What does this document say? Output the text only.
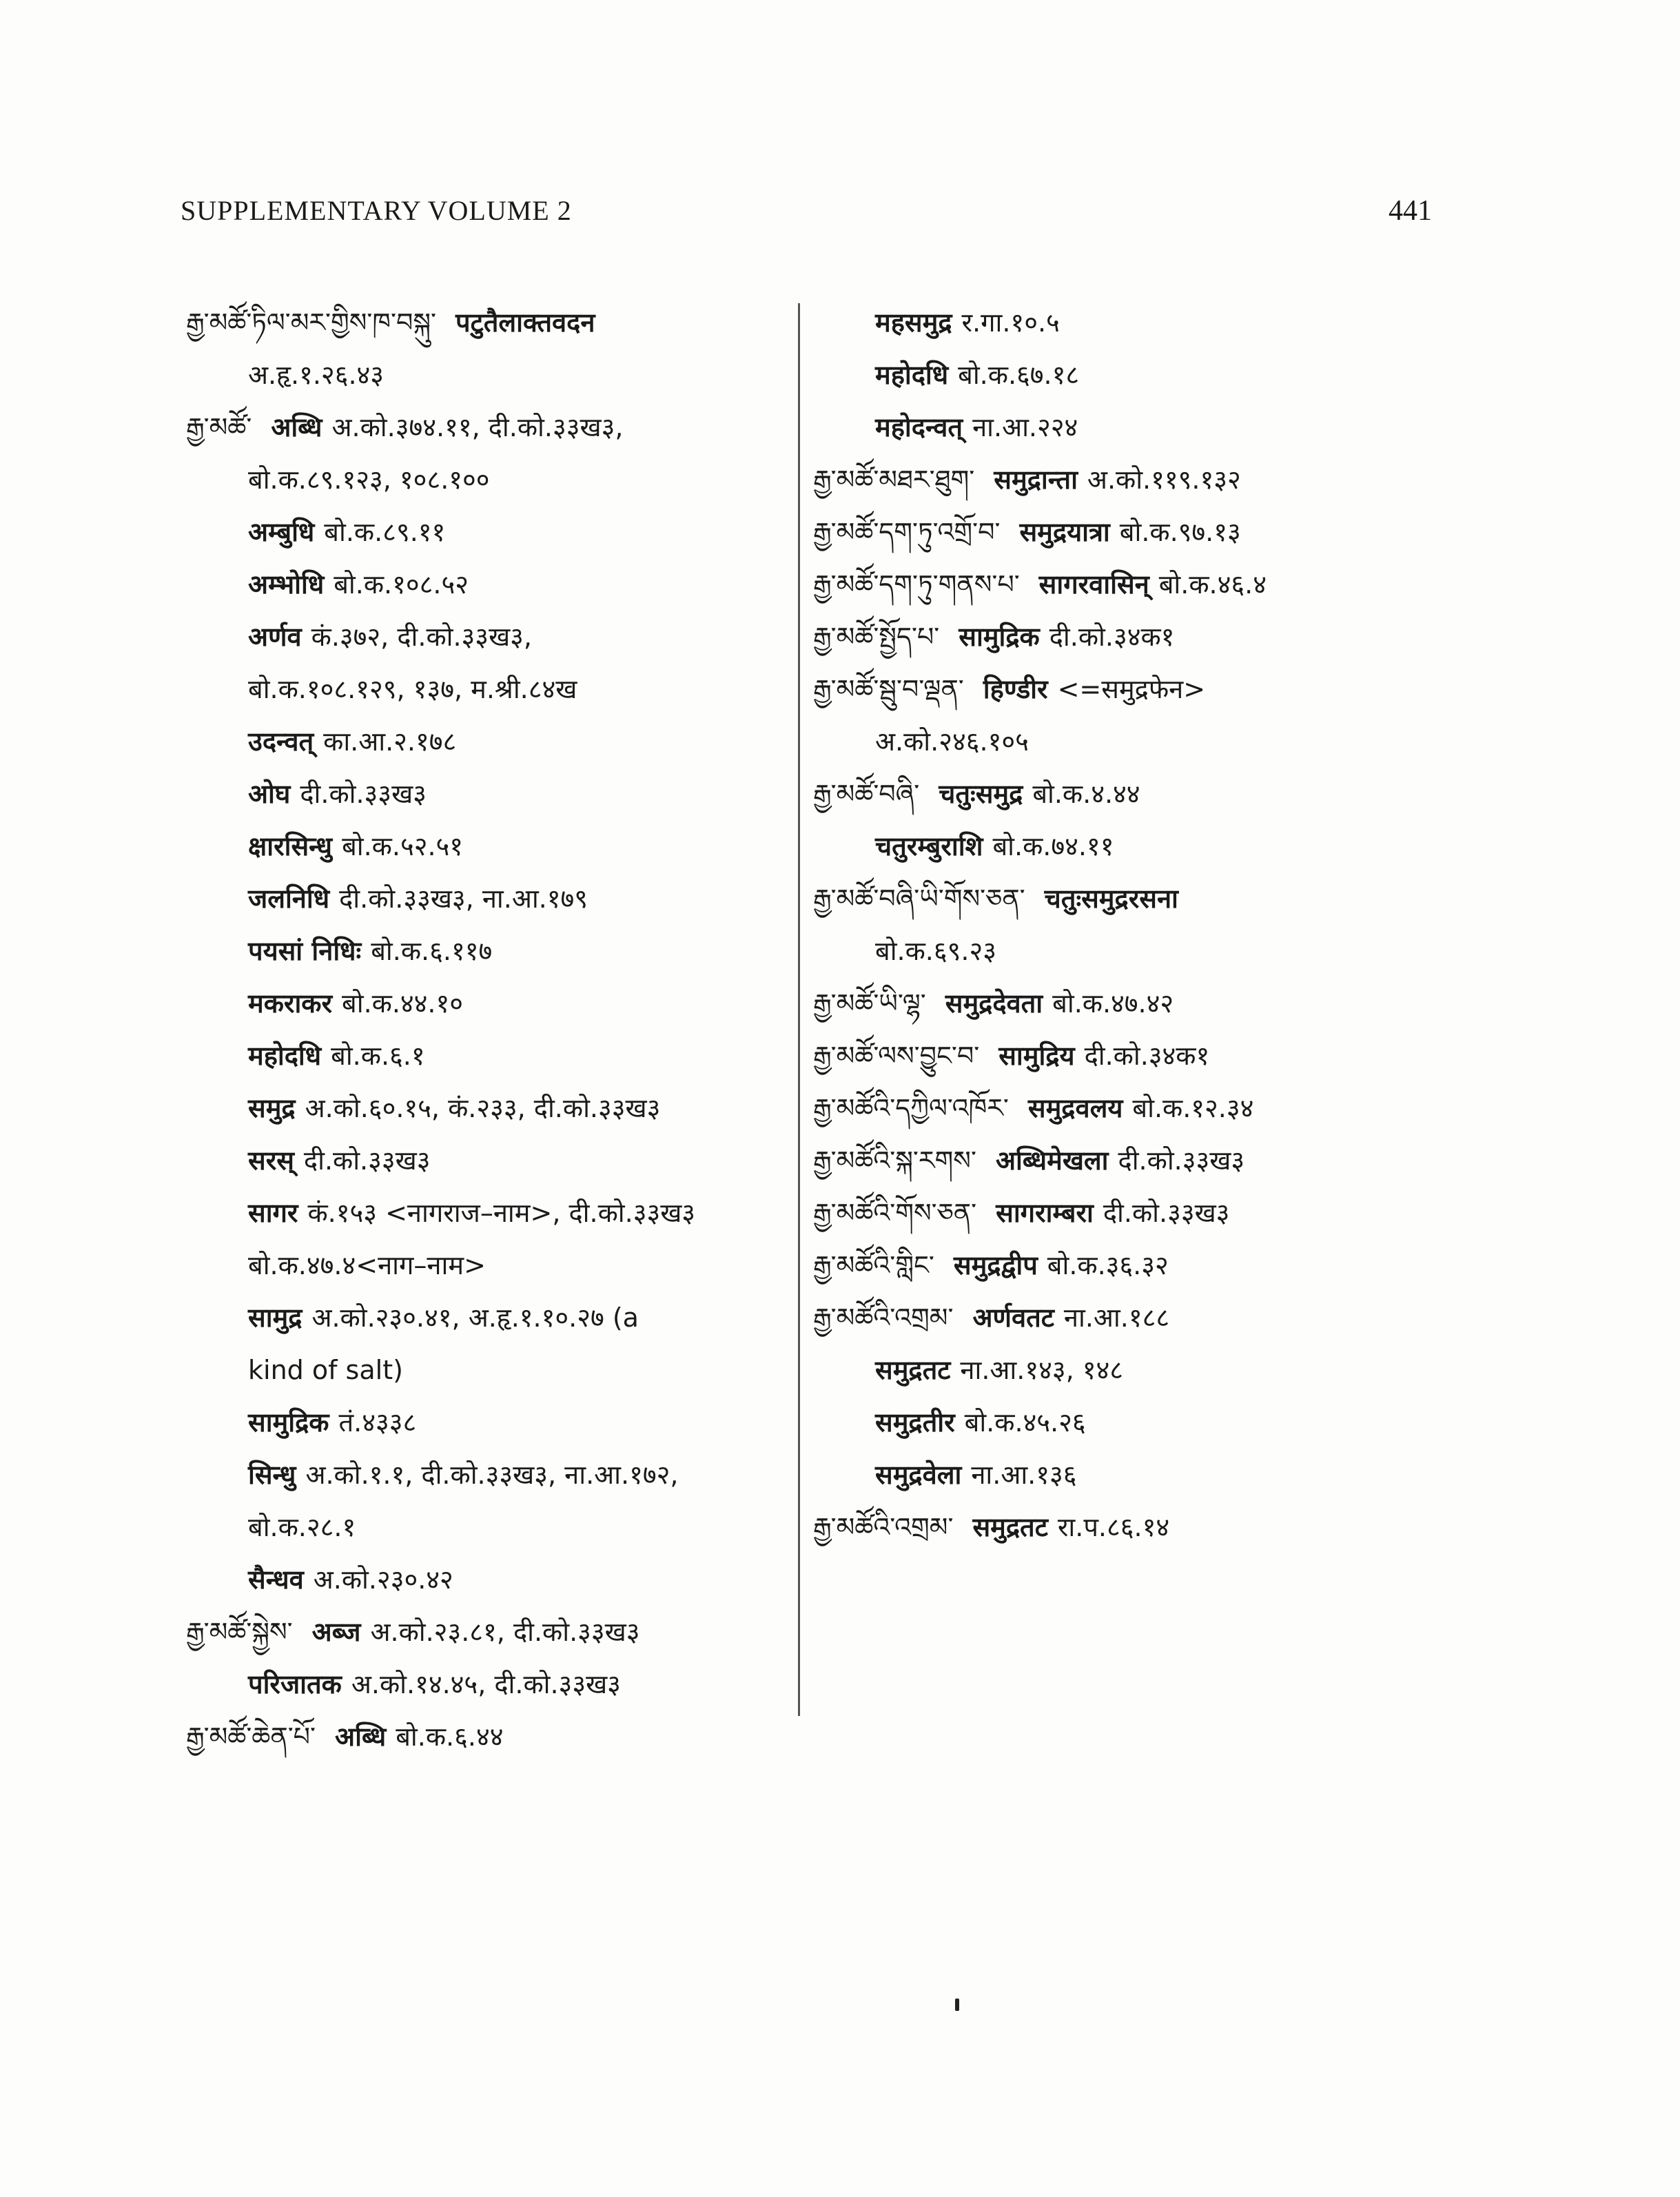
SUPPLEMENTARY VOLUME 2	441
རྒྱ་མཚོ་ཏིལ་མར་གྱིས་ཁ་བསྐུ་ पटुतैलाक्तवदन
अ.हृ.१.२६.४३
རྒྱ་མཚོ་ अब्धि अ.को.३७४.११, दी.को.३३ख३,
बो.क.८९.१२३, १०८.१००
अम्बुधि बो.क.८९.११
अम्भोधि बो.क.१०८.५२
अर्णव कं.३७२, दी.को.३३ख३,
बो.क.१०८.१२९, १३७, म.श्री.८४ख
उदन्वत् का.आ.२.१७८
ओघ दी.को.३३ख३
क्षारसिन्धु बो.क.५२.५१
जलनिधि दी.को.३३ख३, ना.आ.१७९
पयसां निधिः बो.क.६.११७
मकराकर बो.क.४४.१०
महोदधि बो.क.६.१
समुद्र अ.को.६०.१५, कं.२३३, दी.को.३३ख३
सरस् दी.को.३३ख३
सागर कं.१५३ <नागराज–नाम>, दी.को.३३ख३
बो.क.४७.४<नाग–नाम>
सामुद्र अ.को.२३०.४१, अ.हृ.१.१०.२७ (a
kind of salt)
सामुद्रिक तं.४३३८
सिन्धु अ.को.१.१, दी.को.३३ख३, ना.आ.१७२,
बो.क.२८.१
सैन्धव अ.को.२३०.४२
རྒྱ་མཚོ་སྐྱེས་ अब्ज अ.को.२३.८१, दी.को.३३ख३
परिजातक अ.को.१४.४५, दी.को.३३ख३
རྒྱ་མཚོ་ཆེན་པོ་ अब्धि बो.क.६.४४
महसमुद्र र.गा.१०.५
महोदधि बो.क.६७.१८
महोदन्वत् ना.आ.२२४
རྒྱ་མཚོ་མཐར་ཐུག་ समुद्रान्ता अ.को.११९.१३२
རྒྱ་མཚོ་དག་ཏུ་འགྲོ་བ་ समुद्रयात्रा बो.क.९७.१३
རྒྱ་མཚོ་དག་ཏུ་གནས་པ་ सागरवासिन् बो.क.४६.४
རྒྱ་མཚོ་སྤྱོད་པ་ सामुद्रिक दी.को.३४क१
རྒྱ་མཚོ་སྦུ་བ་ལྡན་ हिण्डीर <=समुद्रफेन>
अ.को.२४६.१०५
རྒྱ་མཚོ་བཞི་ चतुःसमुद्र बो.क.४.४४
चतुरम्बुराशि बो.क.७४.११
རྒྱ་མཚོ་བཞི་ཡི་གོས་ཅན་ चतुःसमुद्ररसना
बो.क.६९.२३
རྒྱ་མཚོ་ཡི་ལྷ་ समुद्रदेवता बो.क.४७.४२
རྒྱ་མཚོ་ལས་བྱུང་བ་ सामुद्रिय दी.को.३४क१
རྒྱ་མཚོའི་དཀྱིལ་འཁོར་ समुद्रवलय बो.क.१२.३४
རྒྱ་མཚོའི་སྐ་རགས་ अब्धिमेखला दी.को.३३ख३
རྒྱ་མཚོའི་གོས་ཅན་ सागराम्बरा दी.को.३३ख३
རྒྱ་མཚོའི་གླིང་ समुद्रद्वीप बो.क.३६.३२
རྒྱ་མཚོའི་འགྲམ་ अर्णवतट ना.आ.१८८
समुद्रतट ना.आ.१४३, १४८
समुद्रतीर बो.क.४५.२६
समुद्रवेला ना.आ.१३६
རྒྱ་མཚོའི་འགྲམ་ समुद्रतट रा.प.८६.१४
